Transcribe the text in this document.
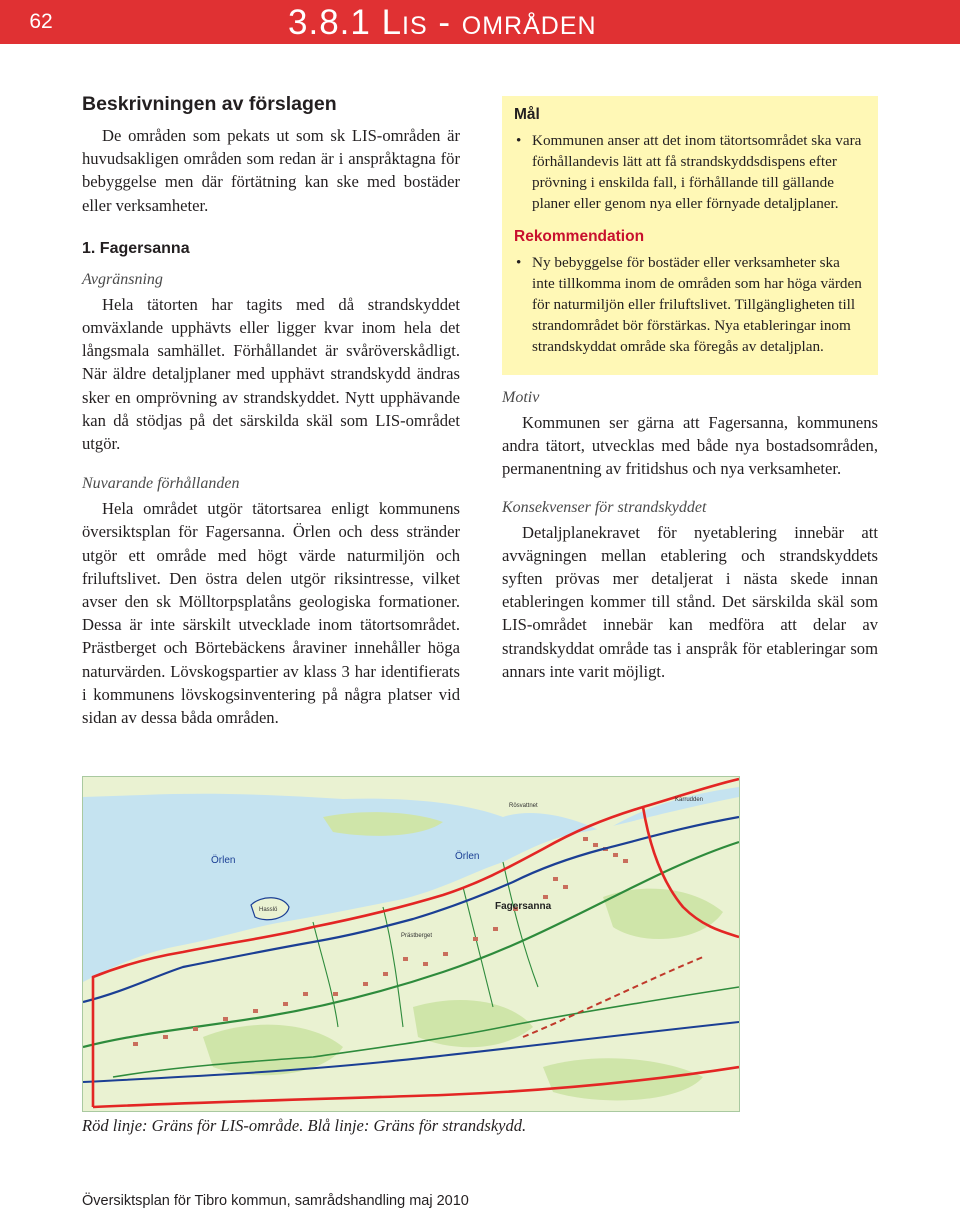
62	3.8.1 Lis - områden
Beskrivningen av förslagen

De områden som pekats ut som sk LIS-områden är huvudsakligen områden som redan är i anspråktagna för bebyggelse men där förtätning kan ske med bostäder eller verksamheter.

1. Fagersanna
Avgränsning

Hela tätorten har tagits med då strandskyddet omväxlande upphävts eller ligger kvar inom hela det långsmala samhället. Förhållandet är svåröverskådligt. När äldre detaljplaner med upphävt strandskydd ändras sker en omprövning av strandskyddet. Nytt upphävande kan då stödjas på det särskilda skäl som LIS-området utgör.

Nuvarande förhållanden

Hela området utgör tätortsarea enligt kommunens översiktsplan för Fagersanna. Örlen och dess stränder utgör ett område med högt värde naturmiljön och friluftslivet. Den östra delen utgör riksintresse, vilket avser den sk Mölltorpsplatåns geologiska formationer. Dessa är inte särskilt utvecklade inom tätortsområdet. Prästberget och Börtebäckens åraviner innehåller höga naturvärden. Lövskogspartier av klass 3 har identifierats i kommunens lövskogsinventering på några platser vid sidan av dessa båda områden.

Mål
• Kommunen anser att det inom tätortsområdet ska vara förhållandevis lätt att få strandskyddsdispens efter prövning i enskilda fall, i förhållande till gällande planer eller genom nya eller förnyade detaljplaner.
Rekommendation
• Ny bebyggelse för bostäder eller verksamheter ska inte tillkomma inom de områden som har höga värden för naturmiljön eller friluftslivet. Tillgängligheten till strandområdet bör förstärkas. Nya etableringar inom strandskyddat område ska föregås av detaljplan.
Motiv

Kommunen ser gärna att Fagersanna, kommunens andra tätort, utvecklas med både nya bostadsområden, permanentning av fritidshus och nya verksamheter.

Konsekvenser för strandskyddet

Detaljplanekravet för nyetablering innebär att avvägningen mellan etablering och strandskyddets syften prövas mer detaljerat i nästa skede innan etableringen kommer till stånd. Det särskilda skäl som LIS-området innebär kan medföra att delar av strandskyddat område tas i anspråk för etableringar som annars inte varit möjligt.

Örlen	Örlen
Fagersanna
Hasslö
Rösvattnet
Karrudden
Prästberget
Röd linje: Gräns för LIS-område. Blå linje: Gräns för strandskydd.
Översiktsplan för Tibro kommun, samrådshandling maj 2010
